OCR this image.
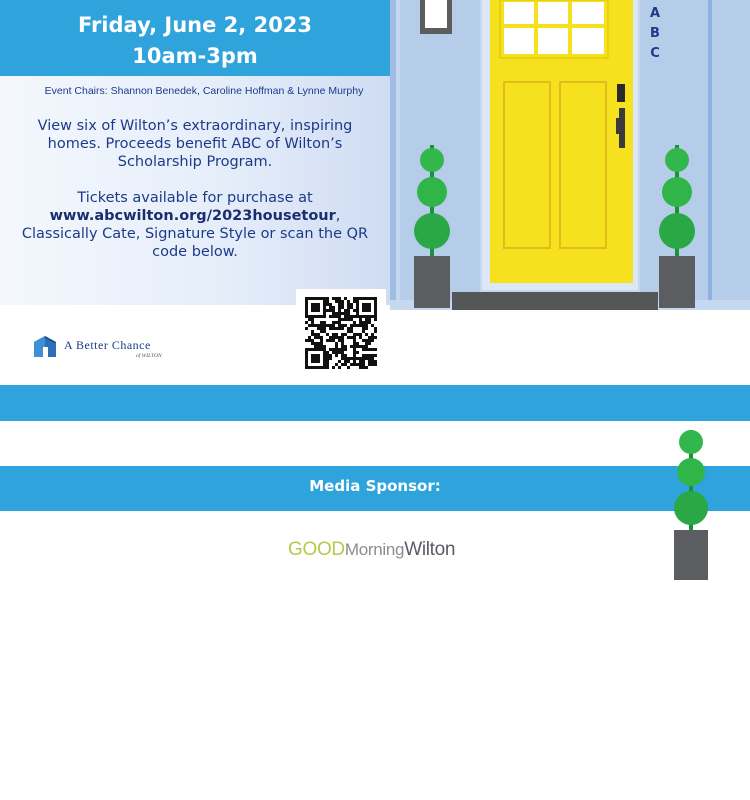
Friday, June 2, 2023
10am-3pm
Event Chairs: Shannon Benedek, Caroline Hoffman & Lynne Murphy

View six of Wilton’s extraordinary, inspiring homes. Proceeds benefit ABC of Wilton’s Scholarship Program.

Tickets available for purchase at
www.abcwilton.org/2023housetour, Classically Cate, Signature Style or scan the QR code below.

A Better Chance
of WILTON
A
B
C
Media Sponsor:
GOODMorningWilton
